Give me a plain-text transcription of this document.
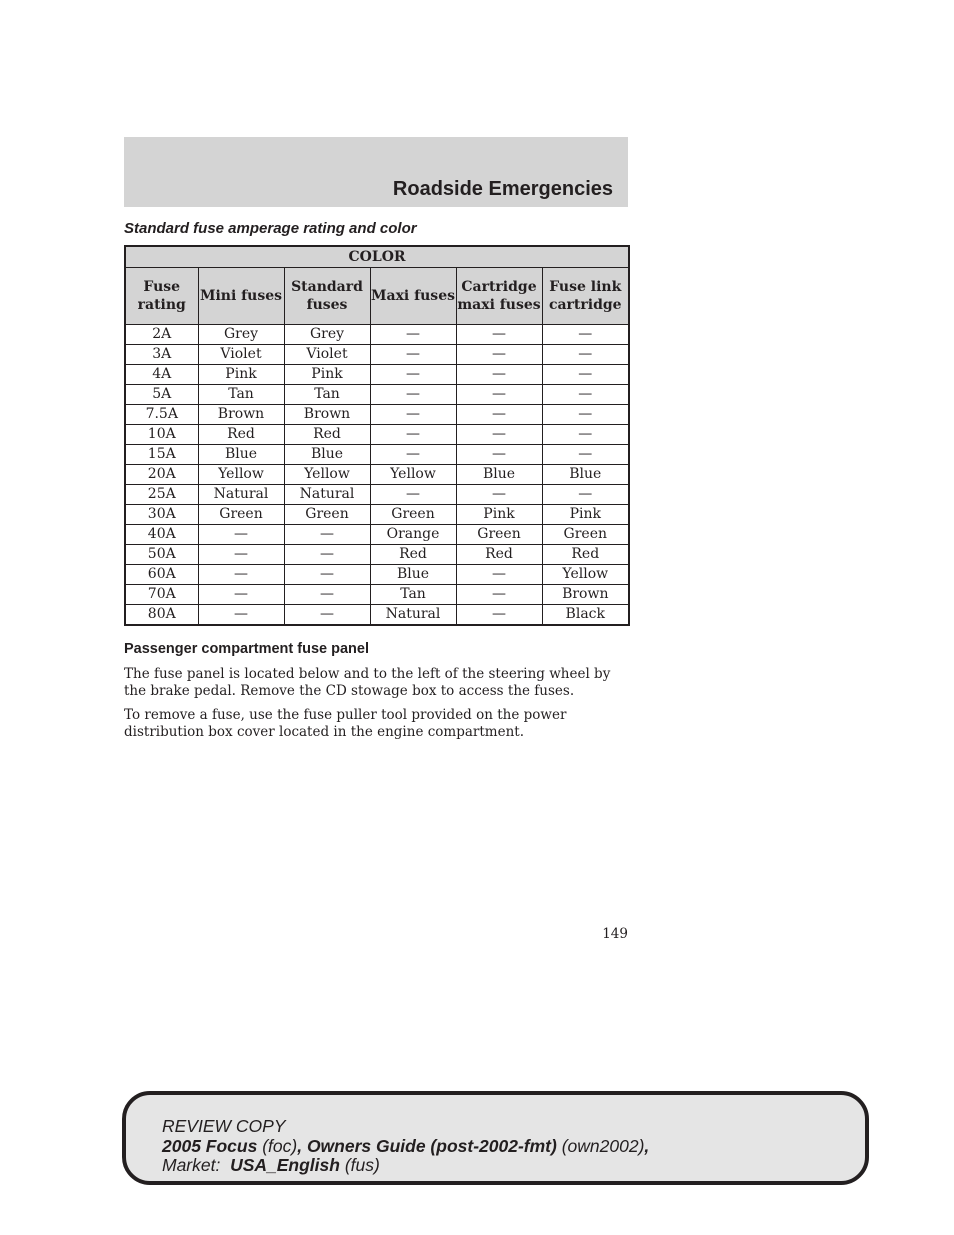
Roadside Emergencies
Standard fuse amperage rating and color
COLOR					
Fuse rating	Mini fuses	Standard fuses	Maxi fuses	Cartridge maxi fuses	Fuse link cartridge
2A	Grey	Grey	—	—	—
3A	Violet	Violet	—	—	—
4A	Pink	Pink	—	—	—
5A	Tan	Tan	—	—	—
7.5A	Brown	Brown	—	—	—
10A	Red	Red	—	—	—
15A	Blue	Blue	—	—	—
20A	Yellow	Yellow	Yellow	Blue	Blue
25A	Natural	Natural	—	—	—
30A	Green	Green	Green	Pink	Pink
40A	—	—	Orange	Green	Green
50A	—	—	Red	Red	Red
60A	—	—	Blue	—	Yellow
70A	—	—	Tan	—	Brown
80A	—	—	Natural	—	Black
Passenger compartment fuse panel
The fuse panel is located below and to the left of the steering wheel by
the brake pedal. Remove the CD stowage box to access the fuses.
To remove a fuse, use the fuse puller tool provided on the power
distribution box cover located in the engine compartment.
149
REVIEW COPY
2005 Focus (foc), Owners Guide (post-2002-fmt) (own2002),
Market:  USA_English (fus)
